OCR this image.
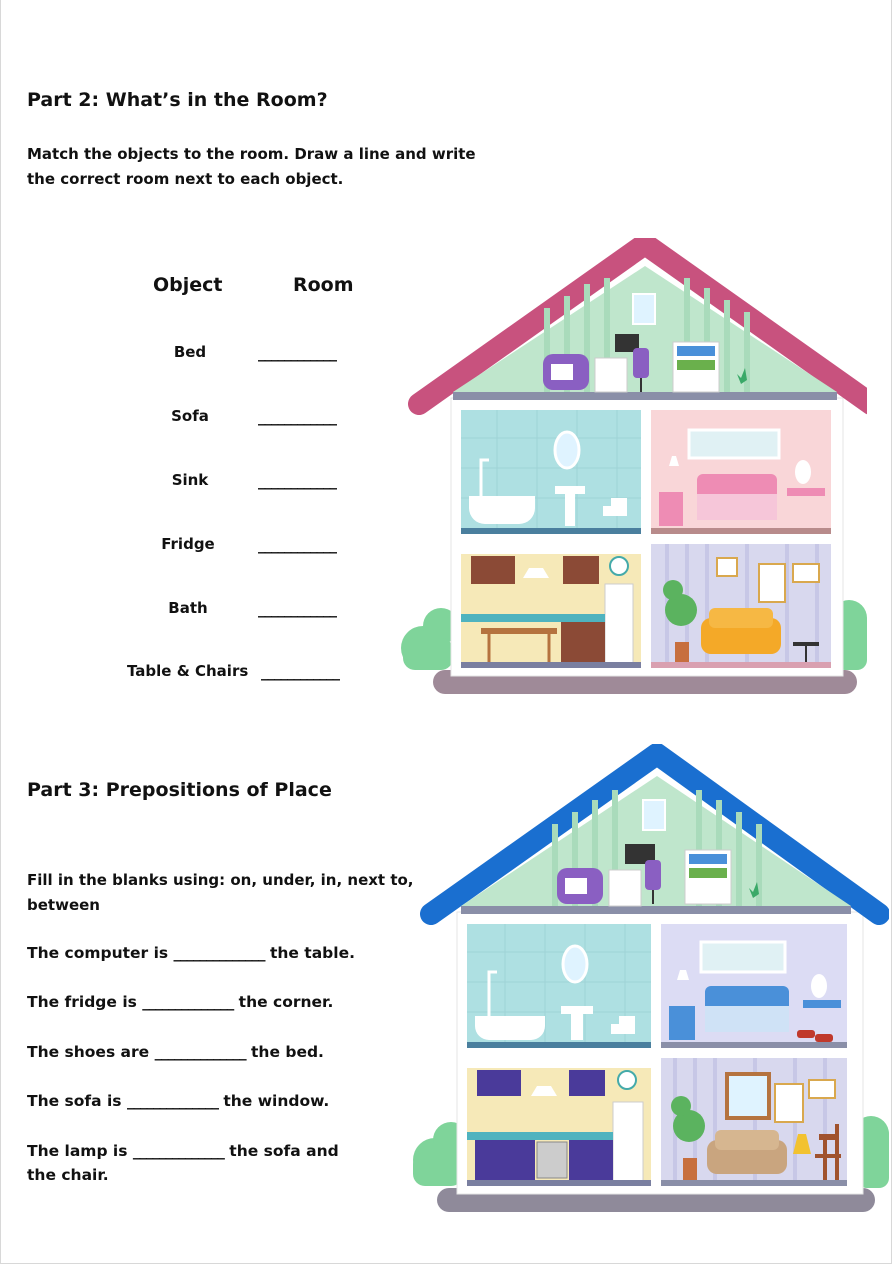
Part 2: What’s in the Room?
Match the objects to the room. Draw a line and write the correct room next to each object.
Object	Room
Bed	____________
Sofa	____________
Sink	____________
Fridge	____________
Bath	____________
Table & Chairs ____________
Part 3: Prepositions of Place
Fill in the blanks using: on, under, in, next to, between
The computer is ______________ the table.
The fridge is ______________ the corner.
The shoes are ______________ the bed.
The sofa is ______________ the window.
The lamp is ______________ the sofa and
the chair.
